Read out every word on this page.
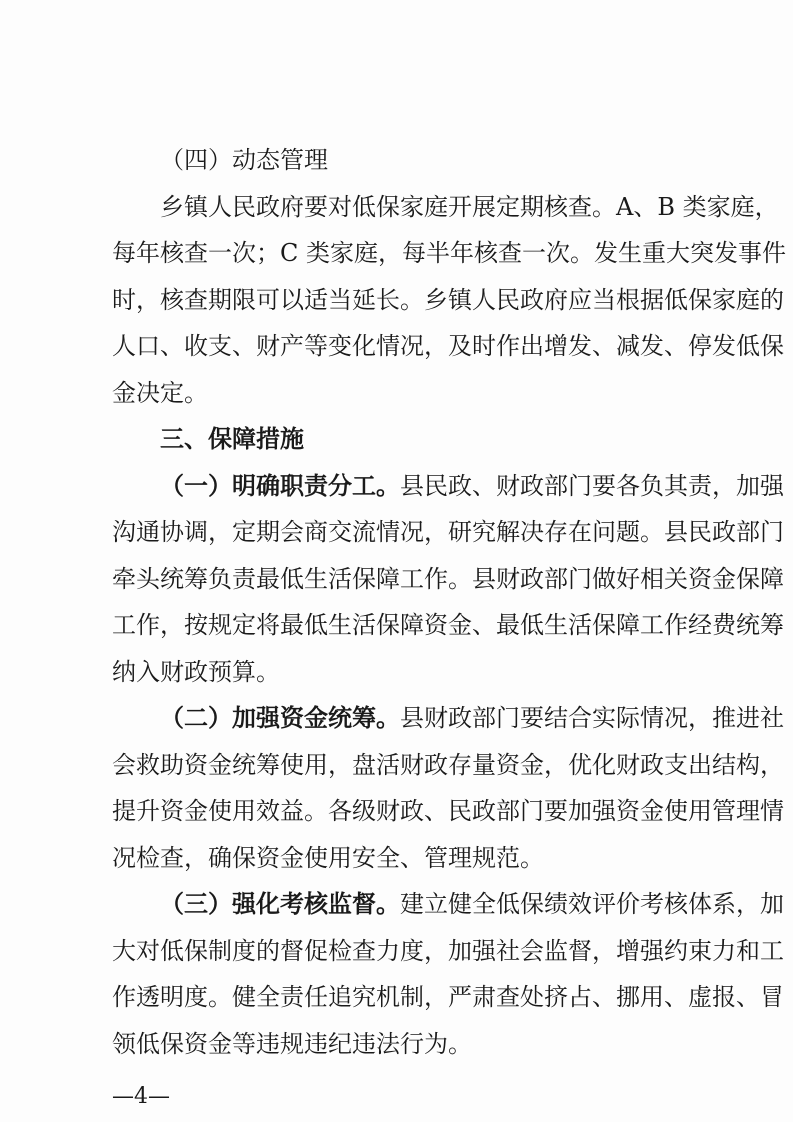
（四）动态管理
乡镇人民政府要对低保家庭开展定期核查。A、B 类家庭，
每年核查一次；C 类家庭，每半年核查一次。发生重大突发事件
时，核查期限可以适当延长。乡镇人民政府应当根据低保家庭的
人口、收支、财产等变化情况，及时作出增发、减发、停发低保
金决定。
三、保障措施
（一）明确职责分工。 县民政、财政部门要各负其责，加强
沟通协调，定期会商交流情况，研究解决存在问题。县民政部门
牵头统筹负责最低生活保障工作。县财政部门做好相关资金保障
工作，按规定将最低生活保障资金、最低生活保障工作经费统筹
纳入财政预算。
（二）加强资金统筹。 县财政部门要结合实际情况，推进社
会救助资金统筹使用，盘活财政存量资金，优化财政支出结构，
提升资金使用效益。各级财政、民政部门要加强资金使用管理情
况检查，确保资金使用安全、管理规范。
（三）强化考核监督。 建立健全低保绩效评价考核体系，加
大对低保制度的督促检查力度，加强社会监督，增强约束力和工
作透明度。健全责任追究机制，严肃查处挤占、挪用、虚报、冒
领低保资金等违规违纪违法行为。
—4—
